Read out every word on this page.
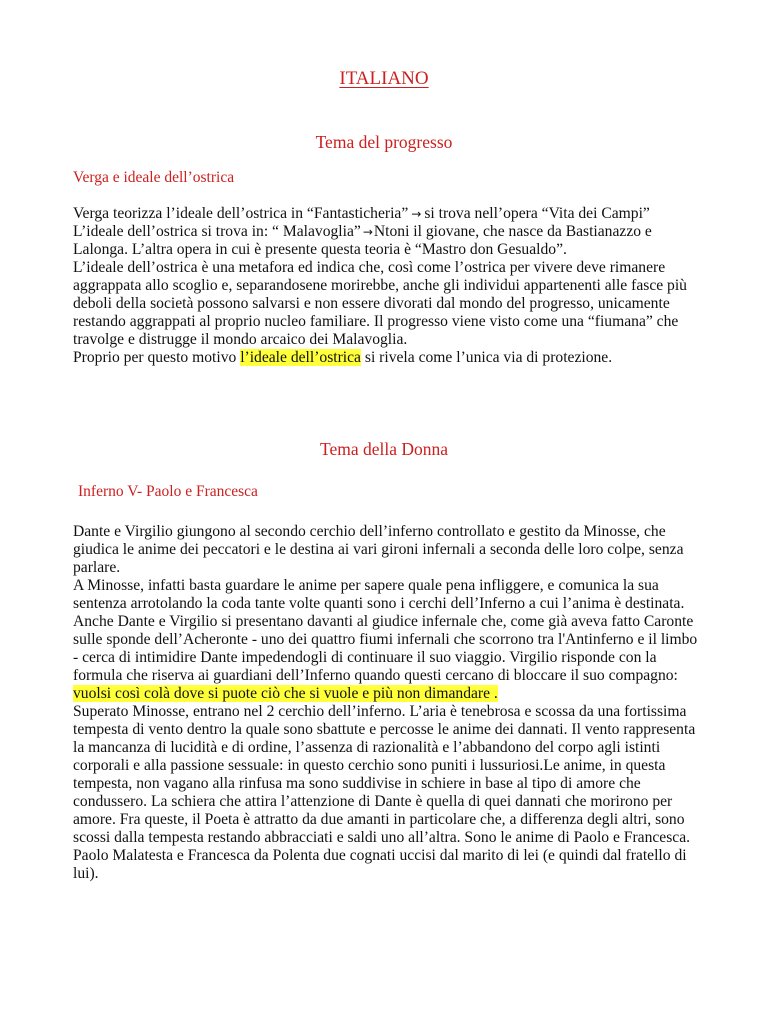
ITALIANO
Tema del progresso
Verga e ideale dell’ostrica

Verga teorizza l’ideale dell’ostrica in “Fantasticheria” → si trova nell’opera “Vita dei Campi”

L’ideale dell’ostrica si trova in: “ Malavoglia” →Ntoni il giovane, che nasce da Bastianazzo e Lalonga. L’altra opera in cui è presente questa teoria è “Mastro don Gesualdo”.

L’ideale dell’ostrica è una metafora ed indica che, così come l’ostrica per vivere deve rimanere aggrappata allo scoglio e, separandosene morirebbe, anche gli individui appartenenti alle fasce più deboli della società possono salvarsi e non essere divorati dal mondo del progresso, unicamente restando aggrappati al proprio nucleo familiare. Il progresso viene visto come una “fiumana” che travolge e distrugge il mondo arcaico dei Malavoglia.

Proprio per questo motivo l’ideale dell’ostrica si rivela come l’unica via di protezione.

Tema della Donna
Inferno V- Paolo e Francesca

Dante e Virgilio giungono al secondo cerchio dell’inferno controllato e gestito da Minosse, che giudica le anime dei peccatori e le destina ai vari gironi infernali a seconda delle loro colpe, senza parlare.

A Minosse, infatti basta guardare le anime per sapere quale pena infliggere, e comunica la sua sentenza arrotolando la coda tante volte quanti sono i cerchi dell’Inferno a cui l’anima è destinata. Anche Dante e Virgilio si presentano davanti al giudice infernale che, come già aveva fatto Caronte sulle sponde dell’Acheronte - uno dei quattro fiumi infernali che scorrono tra l'Antinferno e il limbo - cerca di intimidire Dante impedendogli di continuare il suo viaggio. Virgilio risponde con la formula che riserva ai guardiani dell’Inferno quando questi cercano di bloccare il suo compagno: vuolsi così colà dove si puote ciò che si vuole e più non dimandare .

Superato Minosse, entrano nel 2 cerchio dell’inferno. L’aria è tenebrosa e scossa da una fortissima tempesta di vento dentro la quale sono sbattute e percosse le anime dei dannati. Il vento rappresenta la mancanza di lucidità e di ordine, l’assenza di razionalità e l’abbandono del corpo agli istinti corporali e alla passione sessuale: in questo cerchio sono puniti i lussuriosi.Le anime, in questa tempesta, non vagano alla rinfusa ma sono suddivise in schiere in base al tipo di amore che condussero. La schiera che attira l’attenzione di Dante è quella di quei dannati che morirono per amore. Fra queste, il Poeta è attratto da due amanti in particolare che, a differenza degli altri, sono scossi dalla tempesta restando abbracciati e saldi uno all’altra. Sono le anime di Paolo e Francesca.

Paolo Malatesta e Francesca da Polenta due cognati uccisi dal marito di lei (e quindi dal fratello di lui).
